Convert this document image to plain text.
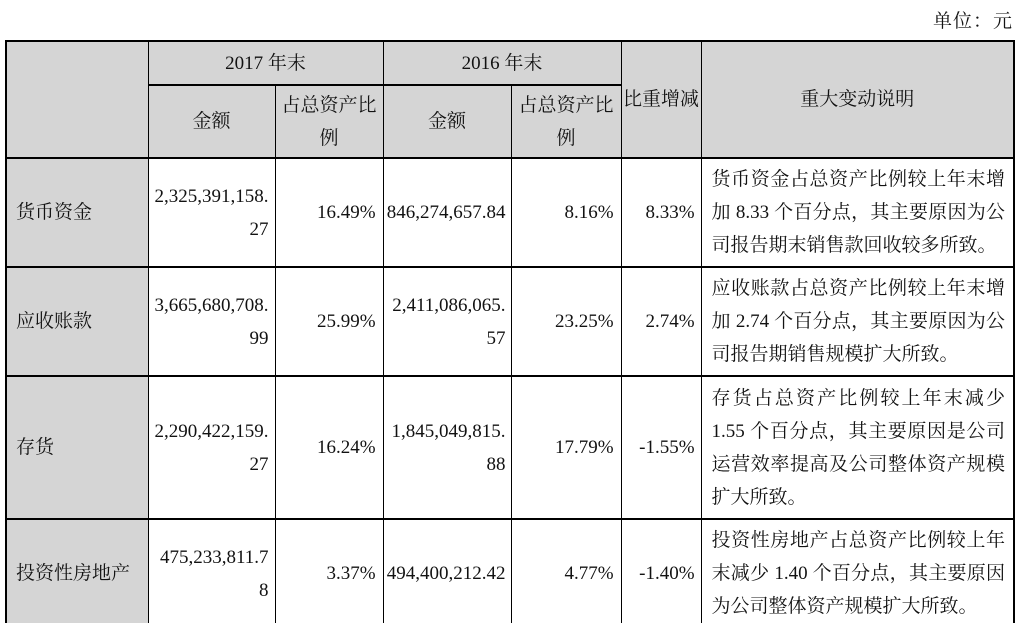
单位：元
	2017 年末		2016 年末		比重增减	重大变动说明
	金额	占总资产比例	金额	占总资产比例		
货币资金	2,325,391,158.27	16.49%	846,274,657.84	8.16%	8.33%	货币资金占总资产比例较上年末增加 8.33 个百分点，其主要原因为公司报告期末销售款回收较多所致。
应收账款	3,665,680,708.99	25.99%	2,411,086,065.57	23.25%	2.74%	应收账款占总资产比例较上年末增加 2.74 个百分点，其主要原因为公司报告期销售规模扩大所致。
存货	2,290,422,159.27	16.24%	1,845,049,815.88	17.79%	-1.55%	存货占总资产比例较上年末减少 1.55 个百分点，其主要原因是公司运营效率提高及公司整体资产规模扩大所致。
投资性房地产	475,233,811.78	3.37%	494,400,212.42	4.77%	-1.40%	投资性房地产占总资产比例较上年末减少 1.40 个百分点，其主要原因为公司整体资产规模扩大所致。
